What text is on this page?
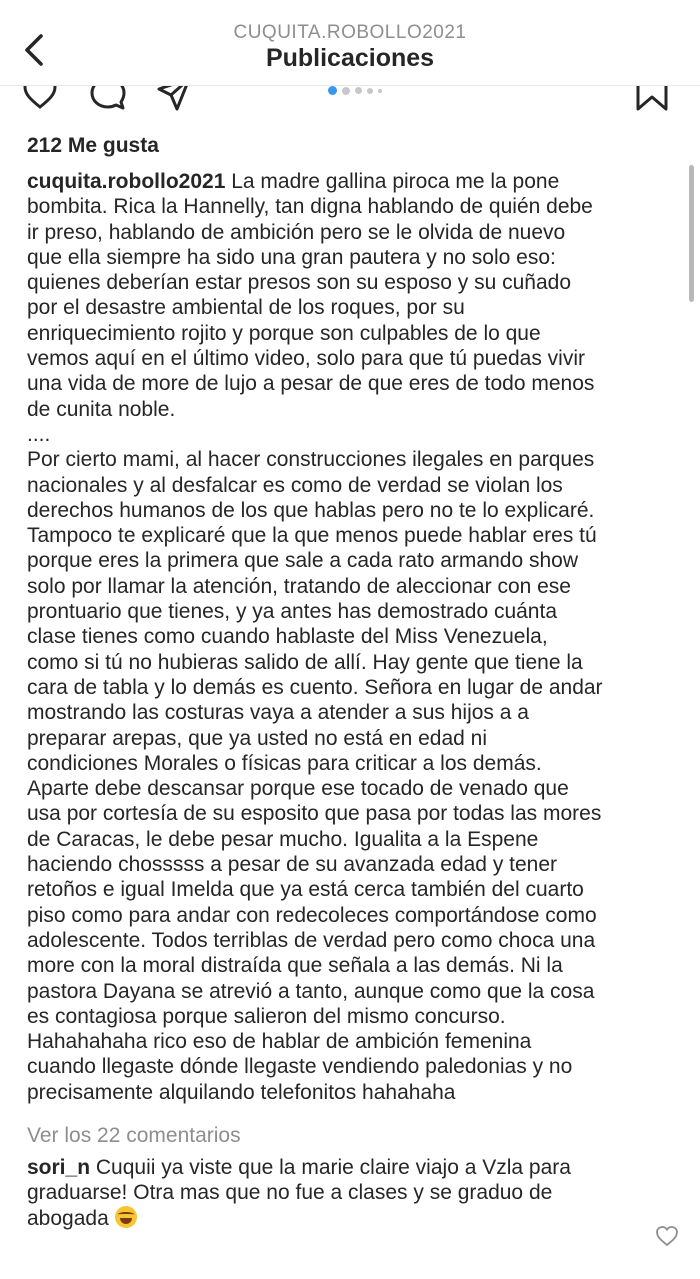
CUQUITA.ROBOLLO2021
Publicaciones
212 Me gusta
cuquita.robollo2021 La madre gallina piroca me la pone
bombita. Rica la Hannelly, tan digna hablando de quién debe
ir preso, hablando de ambición pero se le olvida de nuevo
que ella siempre ha sido una gran pautera y no solo eso:
quienes deberían estar presos son su esposo y su cuñado
por el desastre ambiental de los roques, por su
enriquecimiento rojito y porque son culpables de lo que
vemos aquí en el último video, solo para que tú puedas vivir
una vida de more de lujo a pesar de que eres de todo menos
de cunita noble.
....
Por cierto mami, al hacer construcciones ilegales en parques
nacionales y al desfalcar es como de verdad se violan los
derechos humanos de los que hablas pero no te lo explicaré.
Tampoco te explicaré que la que menos puede hablar eres tú
porque eres la primera que sale a cada rato armando show
solo por llamar la atención, tratando de aleccionar con ese
prontuario que tienes, y ya antes has demostrado cuánta
clase tienes como cuando hablaste del Miss Venezuela,
como si tú no hubieras salido de allí. Hay gente que tiene la
cara de tabla y lo demás es cuento. Señora en lugar de andar
mostrando las costuras vaya a atender a sus hijos a a
preparar arepas, que ya usted no está en edad ni
condiciones Morales o físicas para criticar a los demás.
Aparte debe descansar porque ese tocado de venado que
usa por cortesía de su esposito que pasa por todas las mores
de Caracas, le debe pesar mucho. Igualita a la Espene
haciendo chosssss a pesar de su avanzada edad y tener
retoños e igual Imelda que ya está cerca también del cuarto
piso como para andar con redecoleces comportándose como
adolescente. Todos terriblas de verdad pero como choca una
more con la moral distraída que señala a las demás. Ni la
pastora Dayana se atrevió a tanto, aunque como que la cosa
es contagiosa porque salieron del mismo concurso.
Hahahahaha rico eso de hablar de ambición femenina
cuando llegaste dónde llegaste vendiendo paledonias y no
precisamente alquilando telefonitos hahahaha
Ver los 22 comentarios
sori_n Cuquii ya viste que la marie claire viajo a Vzla para
graduarse! Otra mas que no fue a clases y se graduo de
abogada
